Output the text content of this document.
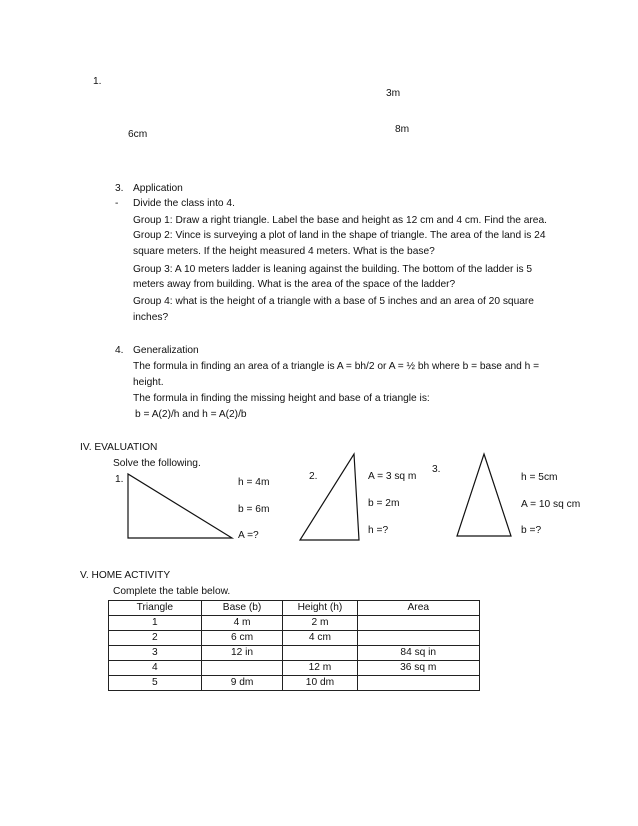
1.
3m
8m
6cm
3. Application
- Divide the class into 4.
Group 1: Draw a right triangle. Label the base and height as 12 cm and 4 cm. Find the area.
Group 2: Vince is surveying a plot of land in the shape of triangle. The area of the land is 24
square meters. If the height measured 4 meters. What is the base?
Group 3: A 10 meters ladder is leaning against the building. The bottom of the ladder is 5
meters away from building. What is the area of the space of the ladder?
Group 4: what is the height of a triangle with a base of 5 inches and an area of 20 square
inches?
4. Generalization
The formula in finding an area of a triangle is A = bh/2 or A = ½ bh where b = base and h =
height.
The formula in finding the missing height and base of a triangle is:
b = A(2)/h and h = A(2)/b
IV. EVALUATION
Solve the following.
1.	h = 4m
b = 6m
A =?
2.	A = 3 sq m
b = 2m
h =?
3.
h = 5cm
A = 10 sq cm
b =?
V. HOME ACTIVITY
Complete the table below.
Triangle	Base (b)	Height (h)	Area
1	4 m	2 m	
2	6 cm	4 cm	
3	12 in		84 sq in
4		12 m	36 sq m
5	9 dm	10 dm	
